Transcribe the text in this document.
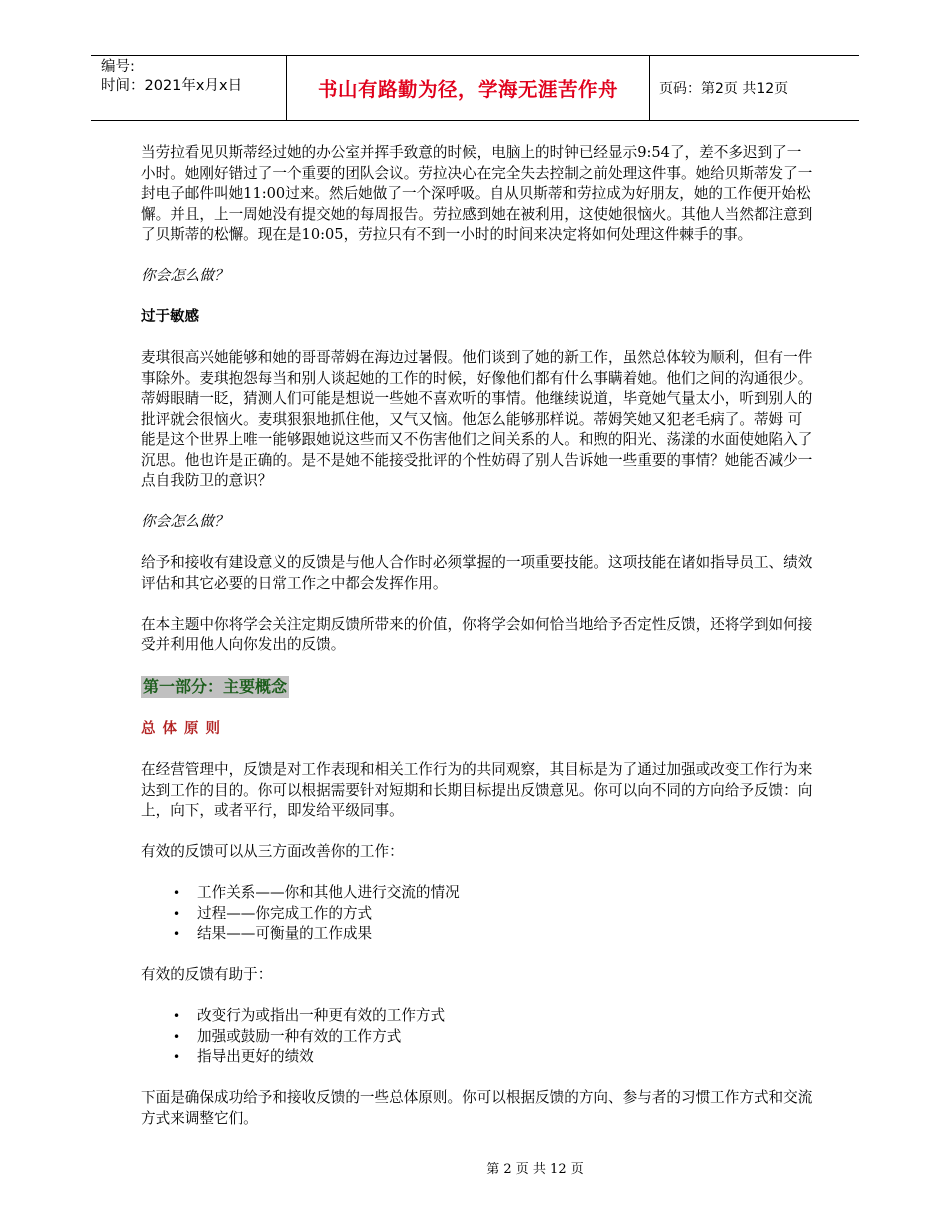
编号:
时间：2021年x月x日	书山有路勤为径，学海无涯苦作舟	页码：第2页 共12页

当劳拉看见贝斯蒂经过她的办公室并挥手致意的时候，电脑上的时钟已经显示9:54了，差不多迟到了一小时。她刚好错过了一个重要的团队会议。劳拉决心在完全失去控制之前处理这件事。她给贝斯蒂发了一封电子邮件叫她11:00过来。然后她做了一个深呼吸。自从贝斯蒂和劳拉成为好朋友，她的工作便开始松懈。并且，上一周她没有提交她的每周报告。劳拉感到她在被利用，这使她很恼火。其他人当然都注意到了贝斯蒂的松懈。现在是10:05，劳拉只有不到一小时的时间来决定将如何处理这件棘手的事。

你会怎么做？

过于敏感

麦琪很高兴她能够和她的哥哥蒂姆在海边过暑假。他们谈到了她的新工作，虽然总体较为顺利，但有一件事除外。麦琪抱怨每当和别人谈起她的工作的时候，好像他们都有什么事瞒着她。他们之间的沟通很少。蒂姆眼睛一眨，猜测人们可能是想说一些她不喜欢听的事情。他继续说道，毕竟她气量太小，听到别人的批评就会很恼火。麦琪狠狠地抓住他，又气又恼。他怎么能够那样说。蒂姆笑她又犯老毛病了。蒂姆 可能是这个世界上唯一能够跟她说这些而又不伤害他们之间关系的人。和煦的阳光、荡漾的水面使她陷入了沉思。他也许是正确的。是不是她不能接受批评的个性妨碍了别人告诉她一些重要的事情？她能否减少一点自我防卫的意识？

你会怎么做？

给予和接收有建设意义的反馈是与他人合作时必须掌握的一项重要技能。这项技能在诸如指导员工、绩效评估和其它必要的日常工作之中都会发挥作用。

在本主题中你将学会关注定期反馈所带来的价值，你将学会如何恰当地给予否定性反馈，还将学到如何接受并利用他人向你发出的反馈。

第一部分：主要概念

总体原则

在经营管理中，反馈是对工作表现和相关工作行为的共同观察，其目标是为了通过加强或改变工作行为来达到工作的目的。你可以根据需要针对短期和长期目标提出反馈意见。你可以向不同的方向给予反馈：向上，向下，或者平行，即发给平级同事。

有效的反馈可以从三方面改善你的工作：

• 工作关系——你和其他人进行交流的情况
• 过程——你完成工作的方式
• 结果——可衡量的工作成果

有效的反馈有助于：

• 改变行为或指出一种更有效的工作方式
• 加强或鼓励一种有效的工作方式
• 指导出更好的绩效

下面是确保成功给予和接收反馈的一些总体原则。你可以根据反馈的方向、参与者的习惯工作方式和交流方式来调整它们。

第 2 页 共 12 页
